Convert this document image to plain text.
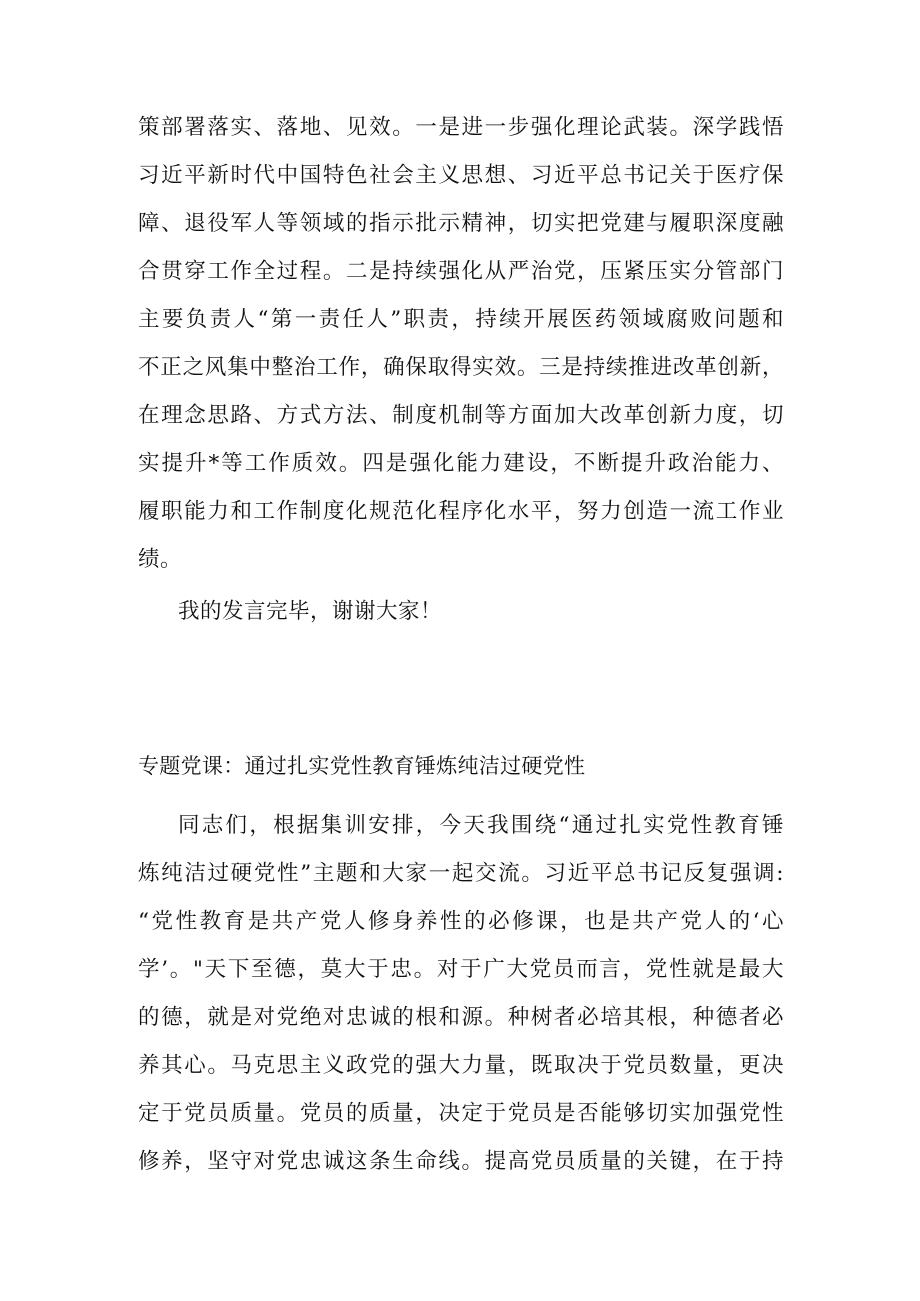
策部署落实、落地、见效。一是进一步强化理论武装。深学践悟
习近平新时代中国特色社会主义思想、习近平总书记关于医疗保
障、退役军人等领域的指示批示精神，切实把党建与履职深度融
合贯穿工作全过程。二是持续强化从严治党，压紧压实分管部门
主要负责人“第一责任人”职责，持续开展医药领域腐败问题和
不正之风集中整治工作，确保取得实效。三是持续推进改革创新，
在理念思路、方式方法、制度机制等方面加大改革创新力度，切
实提升*等工作质效。四是强化能力建设，不断提升政治能力、
履职能力和工作制度化规范化程序化水平，努力创造一流工作业
绩。
我的发言完毕，谢谢大家！
专题党课：通过扎实党性教育锤炼纯洁过硬党性
同志们，根据集训安排，今天我围绕“通过扎实党性教育锤
炼纯洁过硬党性”主题和大家一起交流。习近平总书记反复强调:
“党性教育是共产党人修身养性的必修课，也是共产党人的‘心
学’。"天下至德，莫大于忠。对于广大党员而言，党性就是最大
的德，就是对党绝对忠诚的根和源。种树者必培其根，种德者必
养其心。马克思主义政党的强大力量，既取决于党员数量，更决
定于党员质量。党员的质量，决定于党员是否能够切实加强党性
修养，坚守对党忠诚这条生命线。提高党员质量的关键，在于持
